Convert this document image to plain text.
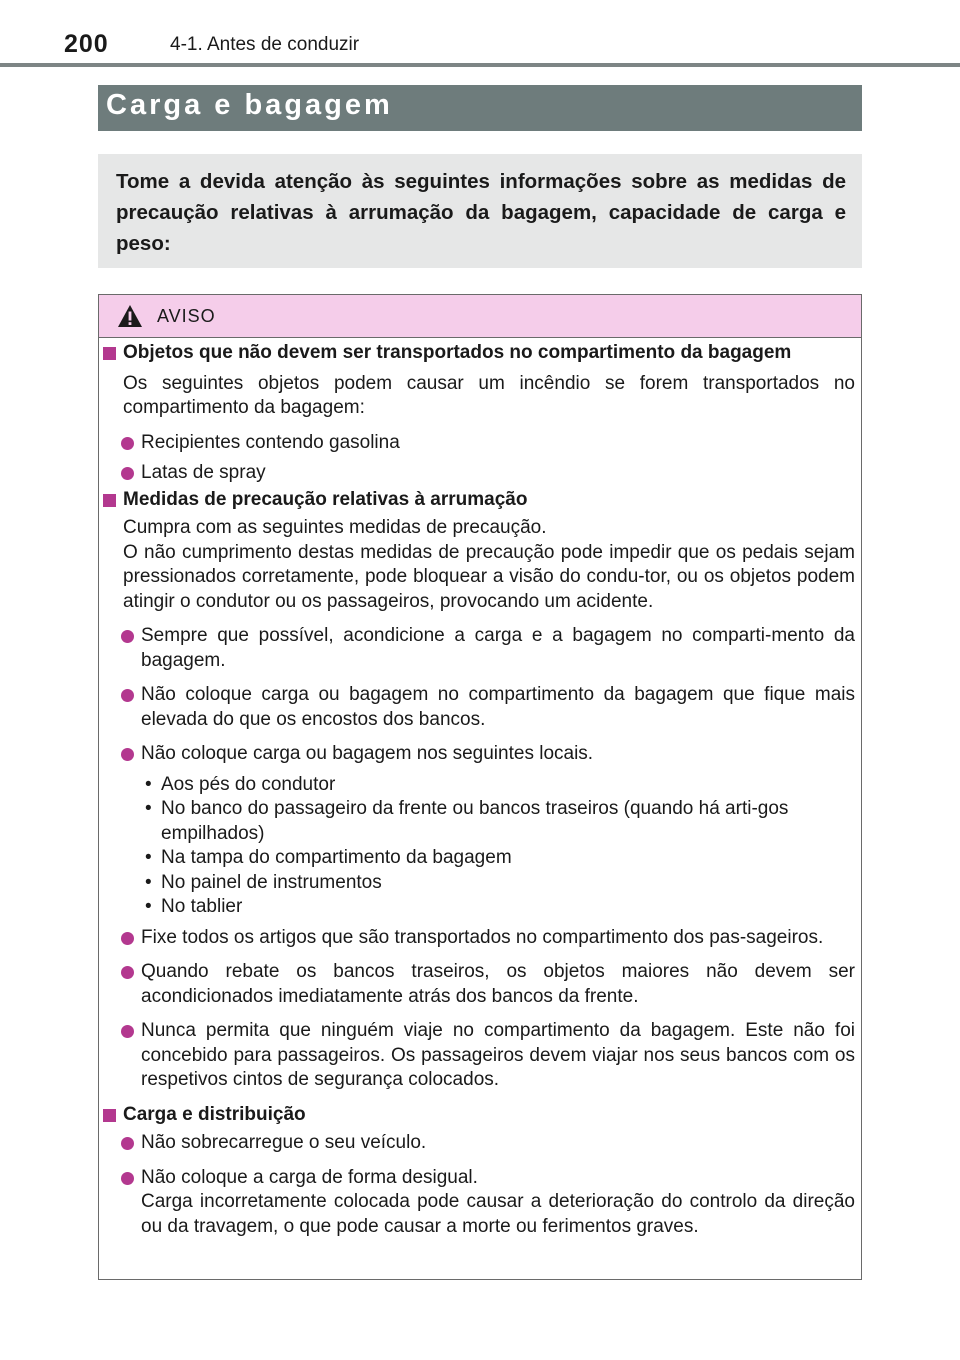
200	4-1. Antes de conduzir
Carga e bagagem
Tome a devida atenção às seguintes informações sobre as medidas de precaução relativas à arrumação da bagagem, capacidade de carga e peso:
AVISO
Objetos que não devem ser transportados no compartimento da bagagem
Os seguintes objetos podem causar um incêndio se forem transportados no compartimento da bagagem:
Recipientes contendo gasolina
Latas de spray
Medidas de precaução relativas à arrumação
Cumpra com as seguintes medidas de precaução.
O não cumprimento destas medidas de precaução pode impedir que os pedais sejam pressionados corretamente, pode bloquear a visão do condu-tor, ou os objetos podem atingir o condutor ou os passageiros, provocando um acidente.
Sempre que possível, acondicione a carga e a bagagem no comparti-mento da bagagem.
Não coloque carga ou bagagem no compartimento da bagagem que fique mais elevada do que os encostos dos bancos.
Não coloque carga ou bagagem nos seguintes locais.
• Aos pés do condutor
• No banco do passageiro da frente ou bancos traseiros (quando há arti-gos empilhados)
• Na tampa do compartimento da bagagem
• No painel de instrumentos
• No tablier
Fixe todos os artigos que são transportados no compartimento dos pas-sageiros.
Quando rebate os bancos traseiros, os objetos maiores não devem ser acondicionados imediatamente atrás dos bancos da frente.
Nunca permita que ninguém viaje no compartimento da bagagem. Este não foi concebido para passageiros. Os passageiros devem viajar nos seus bancos com os respetivos cintos de segurança colocados.
Carga e distribuição
Não sobrecarregue o seu veículo.
Não coloque a carga de forma desigual.
Carga incorretamente colocada pode causar a deterioração do controlo da direção ou da travagem, o que pode causar a morte ou ferimentos graves.
